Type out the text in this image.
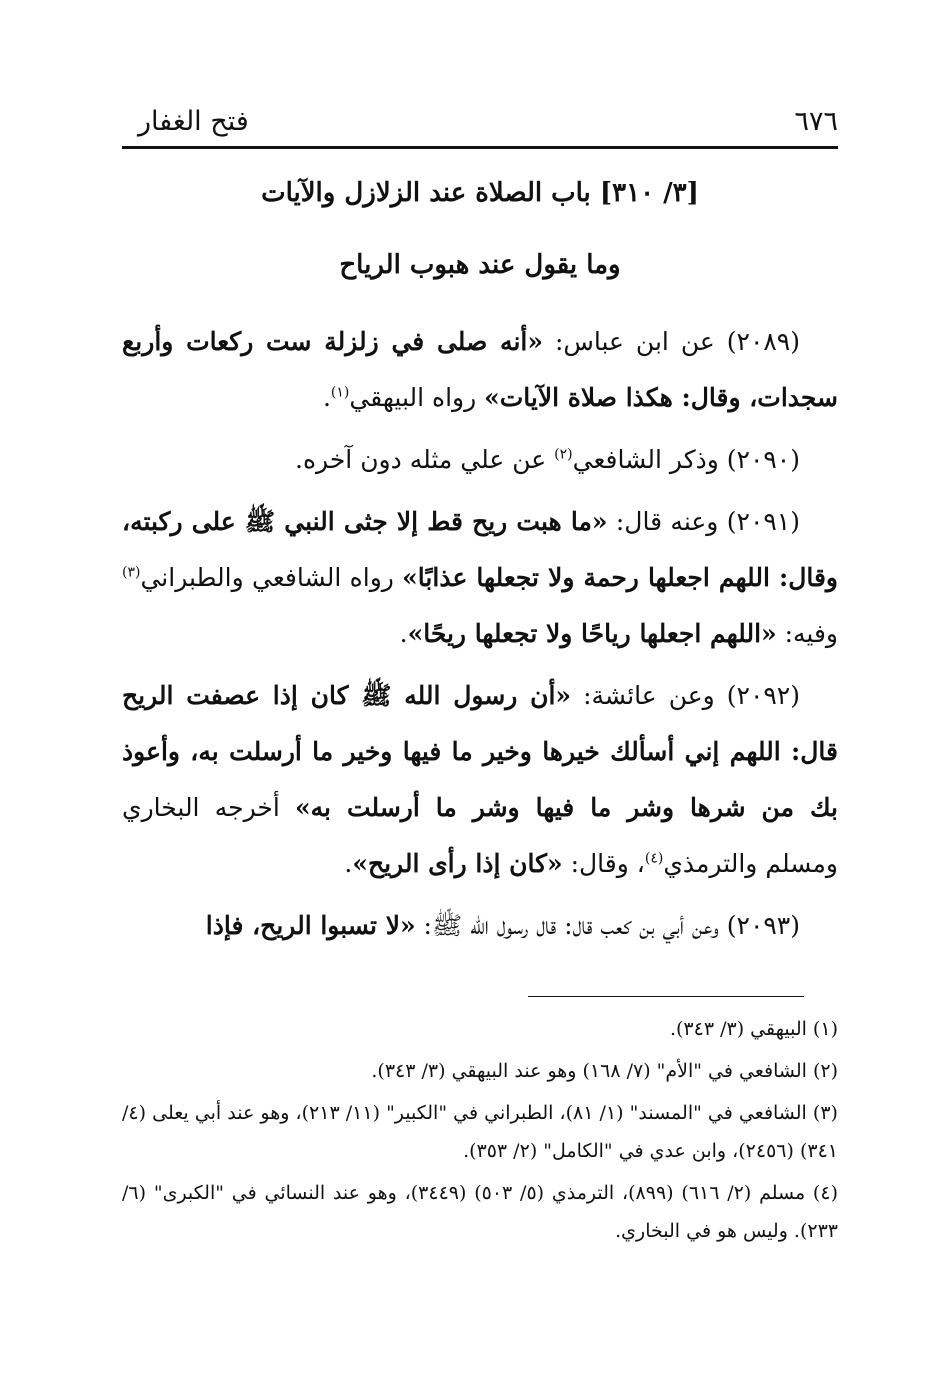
٦٧٦
فتح الغفار
[٣/ ٣١٠] باب الصلاة عند الزلازل والآيات
وما يقول عند هبوب الرياح

(٢٠٨٩) عن ابن عباس: «أنه صلى في زلزلة ست ركعات وأربع سجدات، وقال: هكذا صلاة الآيات» رواه البيهقي$^{(١)}$.

(٢٠٩٠) وذكر الشافعي$^{(٢)}$ عن علي مثله دون آخره.

(٢٠٩١) وعنه قال: «ما هبت ريح قط إلا جثى النبي ﷺ على ركبته، وقال: اللهم اجعلها رحمة ولا تجعلها عذابًا» رواه الشافعي والطبراني$^{(٣)}$ وفيه: «اللهم اجعلها رياحًا ولا تجعلها ريحًا».

(٢٠٩٢) وعن عائشة: «أن رسول الله ﷺ كان إذا عصفت الريح قال: اللهم إني أسألك خيرها وخير ما فيها وخير ما أرسلت به، وأعوذ بك من شرها وشر ما فيها وشر ما أرسلت به» أخرجه البخاري ومسلم والترمذي$^{(٤)}$، وقال: «كان إذا رأى الريح».

(٢٠٩٣) وعن أبي بن كعب قال: قال رسول الله ﷺ: «لا تسبوا الريح، فإذا

(١) البيهقي (٣/ ٣٤٣).

(٢) الشافعي في "الأم" (٧/ ١٦٨) وهو عند البيهقي (٣/ ٣٤٣).

(٣) الشافعي في "المسند" (١/ ٨١)، الطبراني في "الكبير" (١١/ ٢١٣)، وهو عند أبي يعلى (٤/ ٣٤١) (٢٤٥٦)، وابن عدي في "الكامل" (٢/ ٣٥٣).

(٤) مسلم (٢/ ٦١٦) (٨٩٩)، الترمذي (٥/ ٥٠٣) (٣٤٤٩)، وهو عند النسائي في "الكبرى" (٦/ ٢٣٣). وليس هو في البخاري.
